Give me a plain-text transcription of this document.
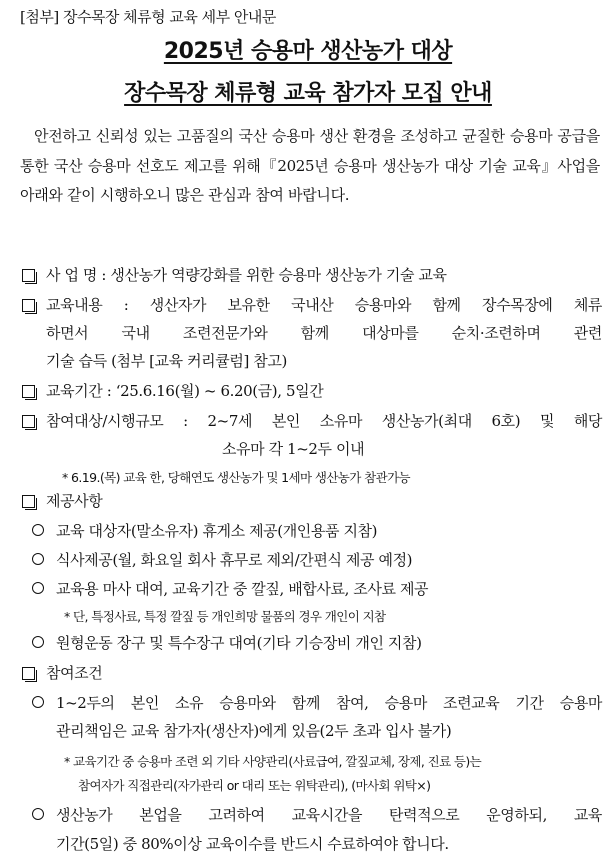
[첨부] 장수목장 체류형 교육 세부 안내문
2025년 승용마 생산농가 대상
장수목장 체류형 교육 참가자 모집 안내

안전하고 신뢰성 있는 고품질의 국산 승용마 생산 환경을 조성하고 균질한 승용마 공급을 통한 국산 승용마 선호도 제고를 위해『2025년 승용마 생산농가 대상 기술 교육』사업을 아래와 같이 시행하오니 많은 관심과 참여 바랍니다.

사 업 명 : 생산농가 역량강화를 위한 승용마 생산농가 기술 교육
교육내용 : 생산자가 보유한 국내산 승용마와 함께 장수목장에 체류
하면서 국내 조련전문가와 함께 대상마를 순치·조련하며 관련
기술 습득 (첨부 [교육 커리큘럼] 참고)
교육기간 : ‘25.6.16(월) ~ 6.20(금), 5일간
참여대상/시행규모 : 2~7세 본인 소유마 생산농가(최대 6호) 및 해당
소유마 각 1~2두 이내
* 6.19.(목) 교육 한, 당해연도 생산농가 및 1세마 생산농가 참관가능
제공사항
교육 대상자(말소유자) 휴게소 제공(개인용품 지참)
식사제공(월, 화요일 회사 휴무로 제외/간편식 제공 예정)
교육용 마사 대여, 교육기간 중 깔짚, 배합사료, 조사료 제공
* 단, 특정사료, 특정 깔짚 등 개인희망 물품의 경우 개인이 지참
원형운동 장구 및 특수장구 대여(기타 기승장비 개인 지참)
참여조건
1~2두의 본인 소유 승용마와 함께 참여, 승용마 조련교육 기간 승용마
관리책임은 교육 참가자(생산자)에게 있음(2두 초과 입사 불가)
* 교육기간 중 승용마 조련 외 기타 사양관리(사료급여, 깔짚교체, 장제, 진료 등)는
참여자가 직접관리(자가관리 or 대리 또는 위탁관리), (마사회 위탁×)
생산농가 본업을 고려하여 교육시간을 탄력적으로 운영하되, 교육
기간(5일) 중 80%이상 교육이수를 반드시 수료하여야 합니다.
